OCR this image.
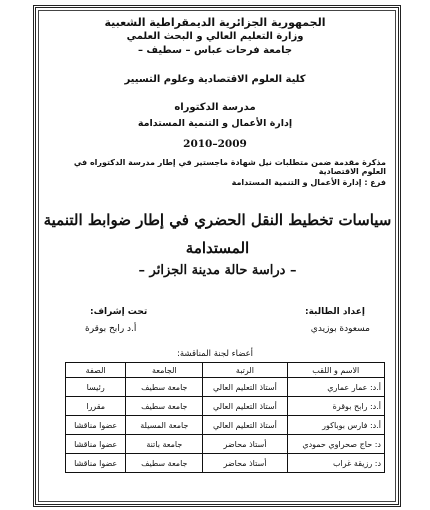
الجمهورية الجزائرية الديمقراطية الشعبية
وزارة التعليم العالي و البحث العلمي
جامعة فرحات عباس – سطيف –
كلية العلوم الاقتصادية وعلوم التسيير
مدرسة الدكتوراه
إدارة الأعمال و التنمية المستدامة
2010–2009
مذكرة مقدمة ضمن متطلبات نيل شهادة ماجستير في إطار مدرسة الدكتوراه في العلوم الاقتصادية
فرع : إدارة الأعمال و التنمية المستدامة
سياسات تخطيط النقل الحضري في إطار ضوابط التنمية
المستدامة
– دراسة حالة مدينة الجزائر –
إعداد الطالبة:
تحت إشراف:
مسعودة بوزيدي
أ.د رابح بوقرة
أعضاء لجنة المناقشة:
الاسم و اللقب	الرتبة	الجامعة	الصفة
أ.د: عمار عماري	أستاذ التعليم العالي	جامعة سطيف	رئيسا
أ.د: رابح بوقرة	أستاذ التعليم العالي	جامعة سطيف	مقررا
أ.د: فارس بوباكور	أستاذ التعليم العالي	جامعة المسيلة	عضوا مناقشا
د: حاج صحراوي حمودي	أستاذ محاضر	جامعة باتنة	عضوا مناقشا
د: رزيقة غراب	أستاذ محاضر	جامعة سطيف	عضوا مناقشا
